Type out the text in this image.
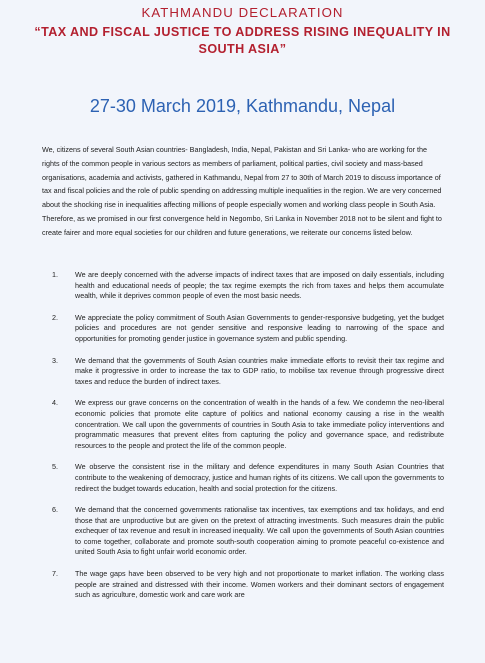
KATHMANDU DECLARATION
“TAX AND FISCAL JUSTICE TO ADDRESS RISING INEQUALITY IN SOUTH ASIA”
27-30 March 2019, Kathmandu, Nepal

We, citizens of several South Asian countries- Bangladesh, India, Nepal, Pakistan and Sri Lanka- who are working for the rights of the common people in various sectors as members of parliament, political parties, civil society and mass-based organisations, academia and activists, gathered in Kathmandu, Nepal from 27 to 30th of March 2019 to discuss importance of tax and fiscal policies and the role of public spending on addressing multiple inequalities in the region. We are very concerned about the shocking rise in inequalities affecting millions of people especially women and working class people in South Asia. Therefore, as we promised in our first convergence held in Negombo, Sri Lanka in November 2018 not to be silent and fight to create fairer and more equal societies for our children and future generations, we reiterate our concerns listed below.

1. We are deeply concerned with the adverse impacts of indirect taxes that are imposed on daily essentials, including health and educational needs of people; the tax regime exempts the rich from taxes and helps them accumulate wealth, while it deprives common people of even the most basic needs.
2. We appreciate the policy commitment of South Asian Governments to gender-responsive budgeting, yet the budget policies and procedures are not gender sensitive and responsive leading to narrowing of the space and opportunities for promoting gender justice in governance system and public spending.
3. We demand that the governments of South Asian countries make immediate efforts to revisit their tax regime and make it progressive in order to increase the tax to GDP ratio, to mobilise tax revenue through progressive direct taxes and reduce the burden of indirect taxes.
4. We express our grave concerns on the concentration of wealth in the hands of a few. We condemn the neo-liberal economic policies that promote elite capture of politics and national economy causing a rise in the wealth concentration. We call upon the governments of countries in South Asia to take immediate policy interventions and programmatic measures that prevent elites from capturing the policy and governance space, and redistribute resources to the people and protect the life of the common people.
5. We observe the consistent rise in the military and defence expenditures in many South Asian Countries that contribute to the weakening of democracy, justice and human rights of its citizens. We call upon the governments to redirect the budget towards education, health and social protection for the citizens.
6. We demand that the concerned governments rationalise tax incentives, tax exemptions and tax holidays, and end those that are unproductive but are given on the pretext of attracting investments. Such measures drain the public exchequer of tax revenue and result in increased inequality. We call upon the governments of South Asian countries to come together, collaborate and promote south-south cooperation aiming to promote peaceful co-existence and united South Asia to fight unfair world economic order.
7. The wage gaps have been observed to be very high and not proportionate to market inflation. The working class people are strained and distressed with their income. Women workers and their dominant sectors of engagement such as agriculture, domestic work and care work are
